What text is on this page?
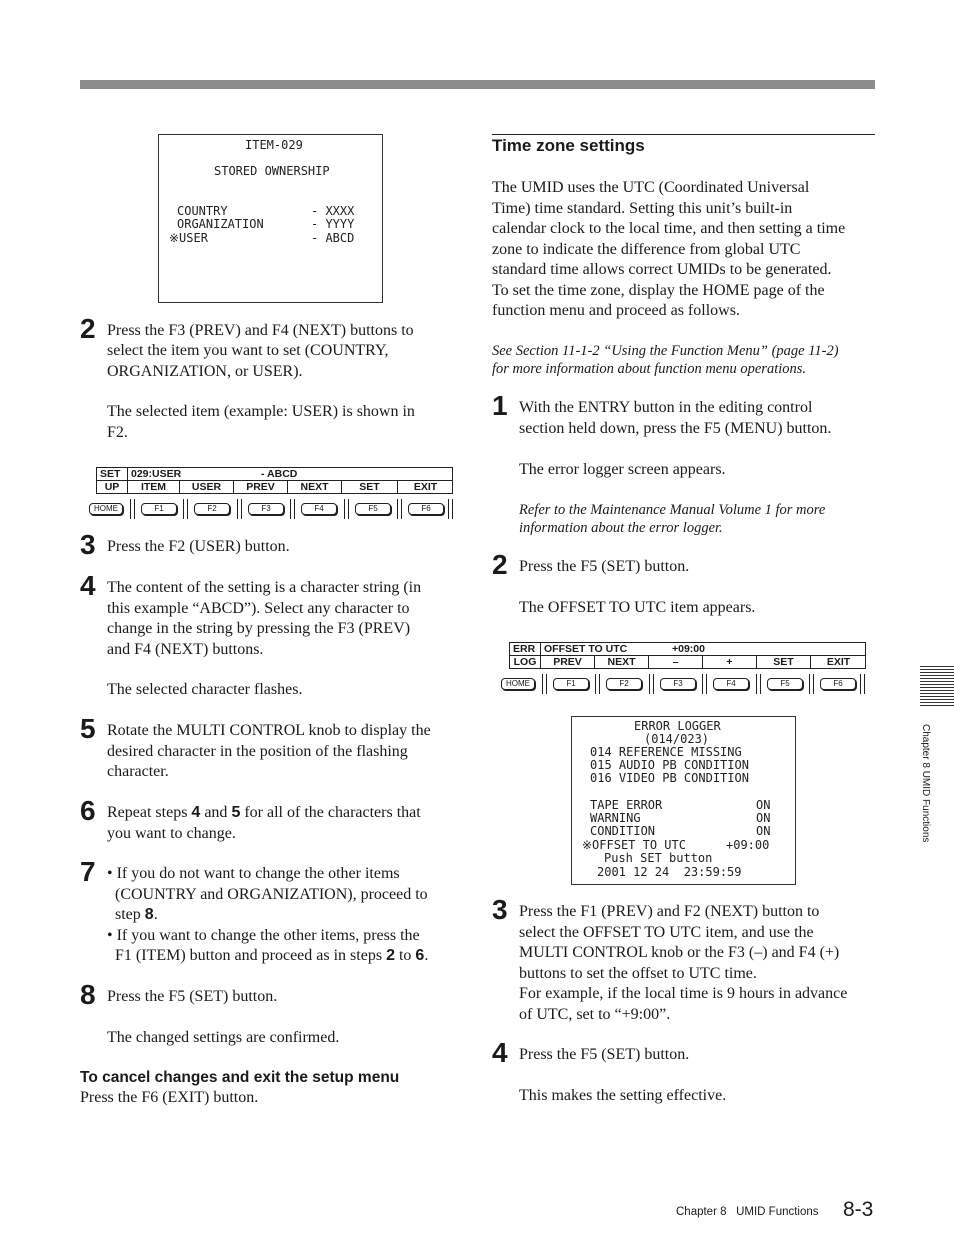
ITEM-029
STORED OWNERSHIP
COUNTRY	- XXXX
ORGANIZATION	- YYYY
※USER	- ABCD
2 Press the F3 (PREV) and F4 (NEXT) buttons to
select the item you want to set (COUNTRY,
ORGANIZATION, or USER).
The selected item (example: USER) is shown in
F2.
SET 029:USER	- ABCD
UP	ITEM	USER	PREV	NEXT	SET	EXIT
HOME	F1	F2	F3	F4	F5	F6
3 Press the F2 (USER) button.
4 The content of the setting is a character string (in
this example “ABCD”). Select any character to
change in the string by pressing the F3 (PREV)
and F4 (NEXT) buttons.
The selected character flashes.
5 Rotate the MULTI CONTROL knob to display the
desired character in the position of the flashing
character.
6 Repeat steps 4 and 5 for all of the characters that
you want to change.
7 • If you do not want to change the other items
(COUNTRY and ORGANIZATION), proceed to
step 8.
• If you want to change the other items, press the
F1 (ITEM) button and proceed as in steps 2 to 6.
8 Press the F5 (SET) button.
The changed settings are confirmed.
To cancel changes and exit the setup menu
Press the F6 (EXIT) button.
Time zone settings
The UMID uses the UTC (Coordinated Universal
Time) time standard. Setting this unit’s built-in
calendar clock to the local time, and then setting a time
zone to indicate the difference from global UTC
standard time allows correct UMIDs to be generated.
To set the time zone, display the HOME page of the
function menu and proceed as follows.
See Section 11-1-2 “Using the Function Menu” (page 11-2)
for more information about function menu operations.
1 With the ENTRY button in the editing control
section held down, press the F5 (MENU) button.
The error logger screen appears.
Refer to the Maintenance Manual Volume 1 for more
information about the error logger.
2 Press the F5 (SET) button.
The OFFSET TO UTC item appears.
ERR OFFSET TO UTC	+09:00
LOG	PREV	NEXT	–	+	SET	EXIT
HOME	F1	F2	F3	F4	F5	F6
ERROR LOGGER
(014/023)
014 REFERENCE MISSING
015 AUDIO PB CONDITION
016 VIDEO PB CONDITION
TAPE ERROR	ON
WARNING	ON
CONDITION	ON
※OFFSET TO UTC	+09:00
Push SET button
2001 12 24  23:59:59
3 Press the F1 (PREV) and F2 (NEXT) button to
select the OFFSET TO UTC item, and use the
MULTI CONTROL knob or the F3 (–) and F4 (+)
buttons to set the offset to UTC time.
For example, if the local time is 9 hours in advance
of UTC, set to “+9:00”.
4 Press the F5 (SET) button.
This makes the setting effective.
Chapter 8 UMID Functions
Chapter 8   UMID Functions 8-3
